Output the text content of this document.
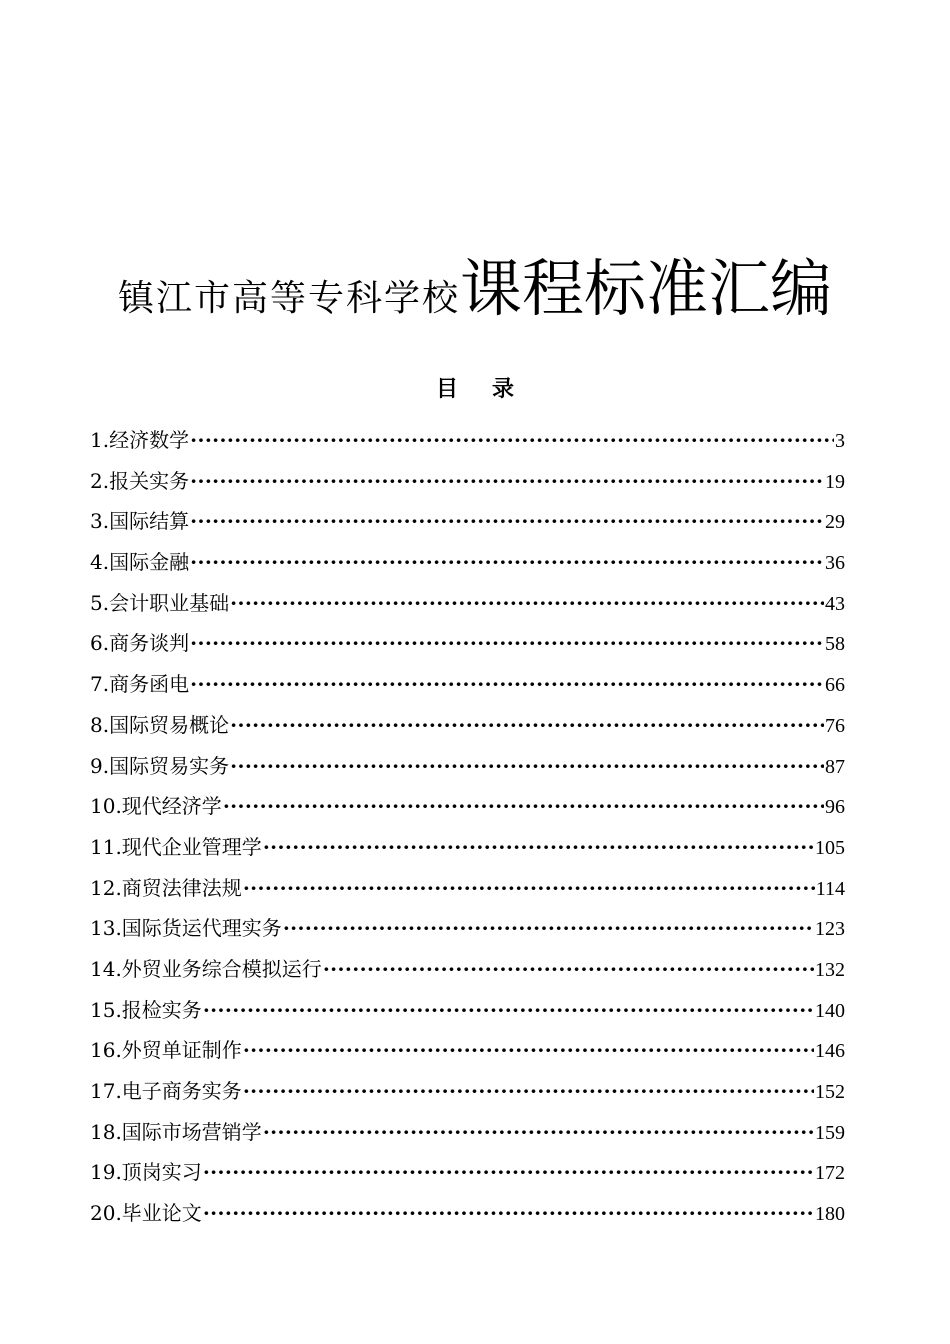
镇江市高等专科学校课程标准汇编
目录
1.经济数学 ·····	3
2.报关实务 ·····	19
3.国际结算 ·····	29
4.国际金融 ·····	36
5.会计职业基础 ·····	43
6.商务谈判 ·····	58
7.商务函电 ·····	66
8.国际贸易概论 ·····	76
9.国际贸易实务 ·····	87
10.现代经济学 ·····	96
11.现代企业管理学 ·····	105
12.商贸法律法规 ·····	114
13.国际货运代理实务 ·····	123
14.外贸业务综合模拟运行 ·····	132
15.报检实务 ·····	140
16.外贸单证制作 ·····	146
17.电子商务实务 ·····	152
18.国际市场营销学 ·····	159
19.顶岗实习 ·····	172
20.毕业论文 ·····	180
